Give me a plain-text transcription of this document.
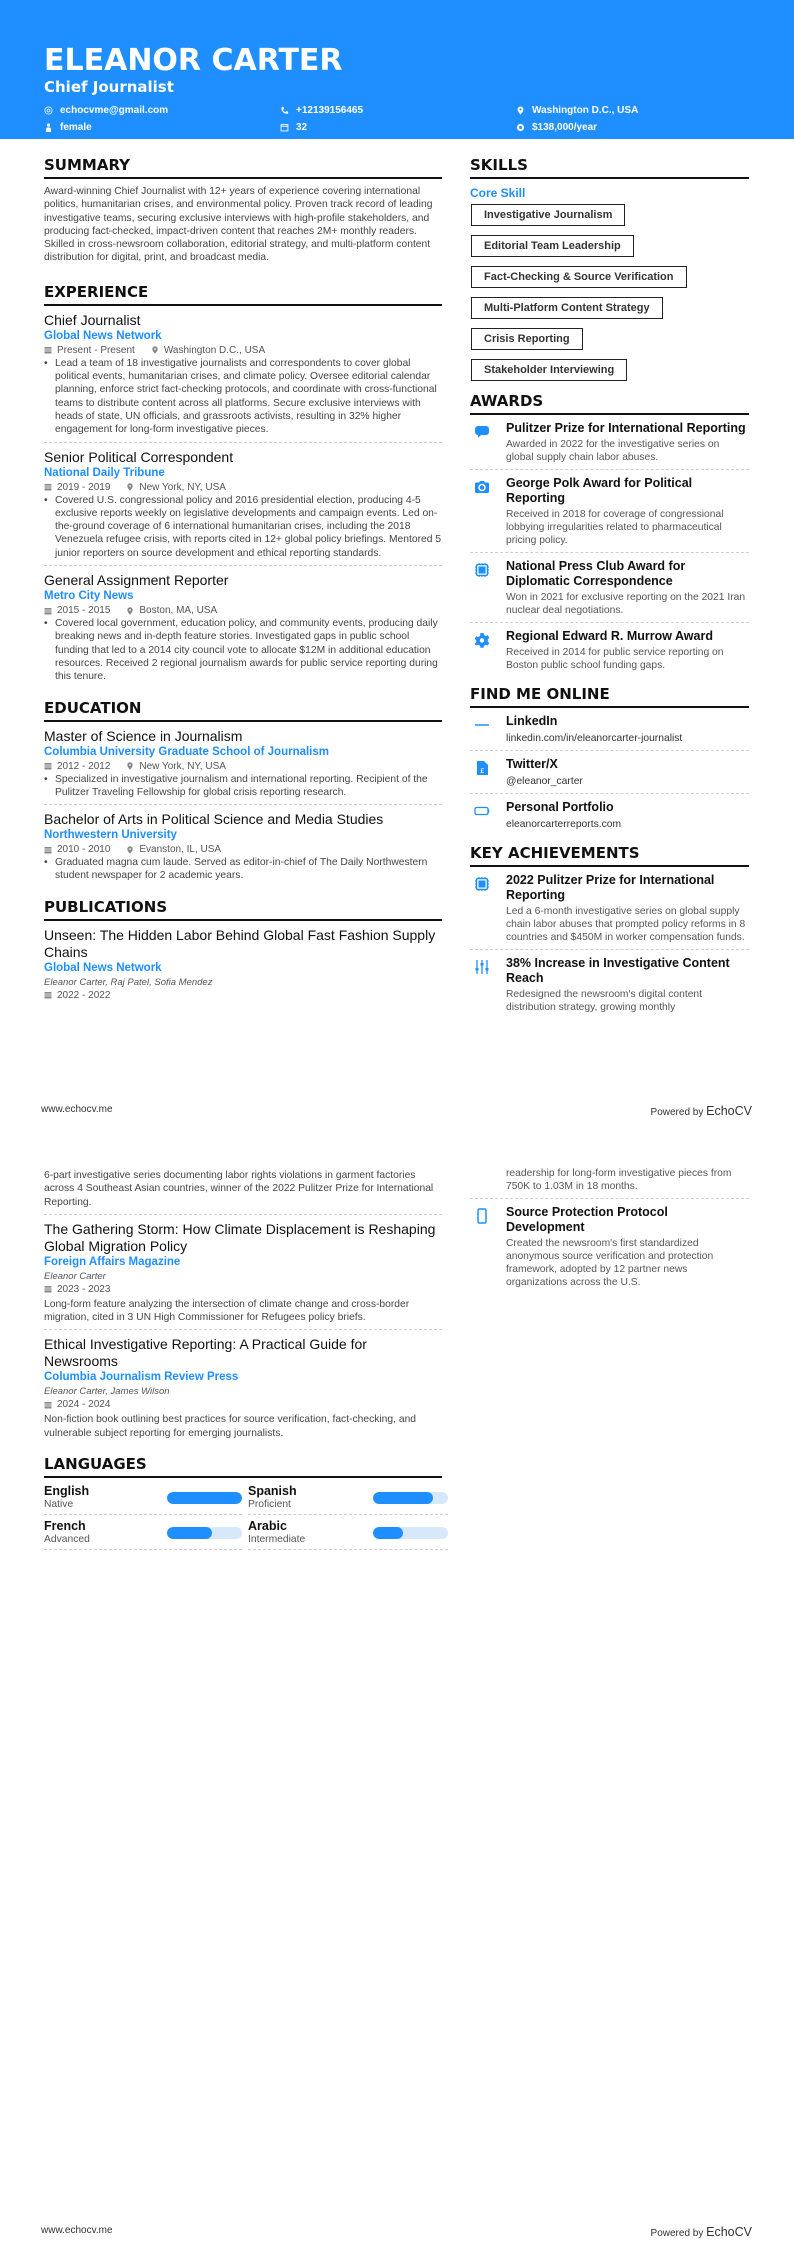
ELEANOR CARTER
Chief Journalist
echocvme@gmail.com	+12139156465	Washington D.C., USA
female	32	$138,000/year
SUMMARY
Award-winning Chief Journalist with 12+ years of experience covering international politics, humanitarian crises, and environmental policy. Proven track record of leading investigative teams, securing exclusive interviews with high-profile stakeholders, and producing fact-checked, impact-driven content that reaches 2M+ monthly readers. Skilled in cross-newsroom collaboration, editorial strategy, and multi-platform content distribution for digital, print, and broadcast media.
EXPERIENCE
Chief Journalist
Global News Network
Present - Present	Washington D.C., USA
• Lead a team of 18 investigative journalists and correspondents to cover global political events, humanitarian crises, and climate policy. Oversee editorial calendar planning, enforce strict fact-checking protocols, and coordinate with cross-functional teams to distribute content across all platforms. Secure exclusive interviews with heads of state, UN officials, and grassroots activists, resulting in 32% higher engagement for long-form investigative pieces.
Senior Political Correspondent
National Daily Tribune
2019 - 2019	New York, NY, USA
• Covered U.S. congressional policy and 2016 presidential election, producing 4-5 exclusive reports weekly on legislative developments and campaign events. Led on-the-ground coverage of 6 international humanitarian crises, including the 2018 Venezuela refugee crisis, with reports cited in 12+ global policy briefings. Mentored 5 junior reporters on source development and ethical reporting standards.
General Assignment Reporter
Metro City News
2015 - 2015	Boston, MA, USA
• Covered local government, education policy, and community events, producing daily breaking news and in-depth feature stories. Investigated gaps in public school funding that led to a 2014 city council vote to allocate $12M in additional education resources. Received 2 regional journalism awards for public service reporting during this tenure.
EDUCATION
Master of Science in Journalism
Columbia University Graduate School of Journalism
2012 - 2012	New York, NY, USA
• Specialized in investigative journalism and international reporting. Recipient of the Pulitzer Traveling Fellowship for global crisis reporting research.
Bachelor of Arts in Political Science and Media Studies
Northwestern University
2010 - 2010	Evanston, IL, USA
• Graduated magna cum laude. Served as editor-in-chief of The Daily Northwestern student newspaper for 2 academic years.
PUBLICATIONS
Unseen: The Hidden Labor Behind Global Fast Fashion Supply Chains
Global News Network
Eleanor Carter, Raj Patel, Sofia Mendez
2022 - 2022
SKILLS
Core Skill
Investigative Journalism
Editorial Team Leadership
Fact-Checking & Source Verification
Multi-Platform Content Strategy
Crisis Reporting
Stakeholder Interviewing
AWARDS
Pulitzer Prize for International Reporting
Awarded in 2022 for the investigative series on global supply chain labor abuses.
George Polk Award for Political Reporting
Received in 2018 for coverage of congressional lobbying irregularities related to pharmaceutical pricing policy.
National Press Club Award for Diplomatic Correspondence
Won in 2021 for exclusive reporting on the 2021 Iran nuclear deal negotiations.
Regional Edward R. Murrow Award
Received in 2014 for public service reporting on Boston public school funding gaps.
FIND ME ONLINE
LinkedIn
linkedin.com/in/eleanorcarter-journalist
£ Twitter/X
@eleanor_carter
Personal Portfolio
eleanorcarterreports.com
KEY ACHIEVEMENTS
2022 Pulitzer Prize for International Reporting
Led a 6-month investigative series on global supply chain labor abuses that prompted policy reforms in 8 countries and $450M in worker compensation funds.
38% Increase in Investigative Content Reach
Redesigned the newsroom's digital content distribution strategy, growing monthly
www.echocv.me	Powered by EchoCV
6-part investigative series documenting labor rights violations in garment factories across 4 Southeast Asian countries, winner of the 2022 Pulitzer Prize for International Reporting.
The Gathering Storm: How Climate Displacement is Reshaping Global Migration Policy
Foreign Affairs Magazine
Eleanor Carter
2023 - 2023
Long-form feature analyzing the intersection of climate change and cross-border migration, cited in 3 UN High Commissioner for Refugees policy briefs.
Ethical Investigative Reporting: A Practical Guide for Newsrooms
Columbia Journalism Review Press
Eleanor Carter, James Wilson
2024 - 2024
Non-fiction book outlining best practices for source verification, fact-checking, and vulnerable subject reporting for emerging journalists.
LANGUAGES
English
Native
Spanish
Proficient
French
Advanced
Arabic
Intermediate
readership for long-form investigative pieces from 750K to 1.03M in 18 months.
Source Protection Protocol Development
Created the newsroom's first standardized anonymous source verification and protection framework, adopted by 12 partner news organizations across the U.S.
www.echocv.me	Powered by EchoCV
